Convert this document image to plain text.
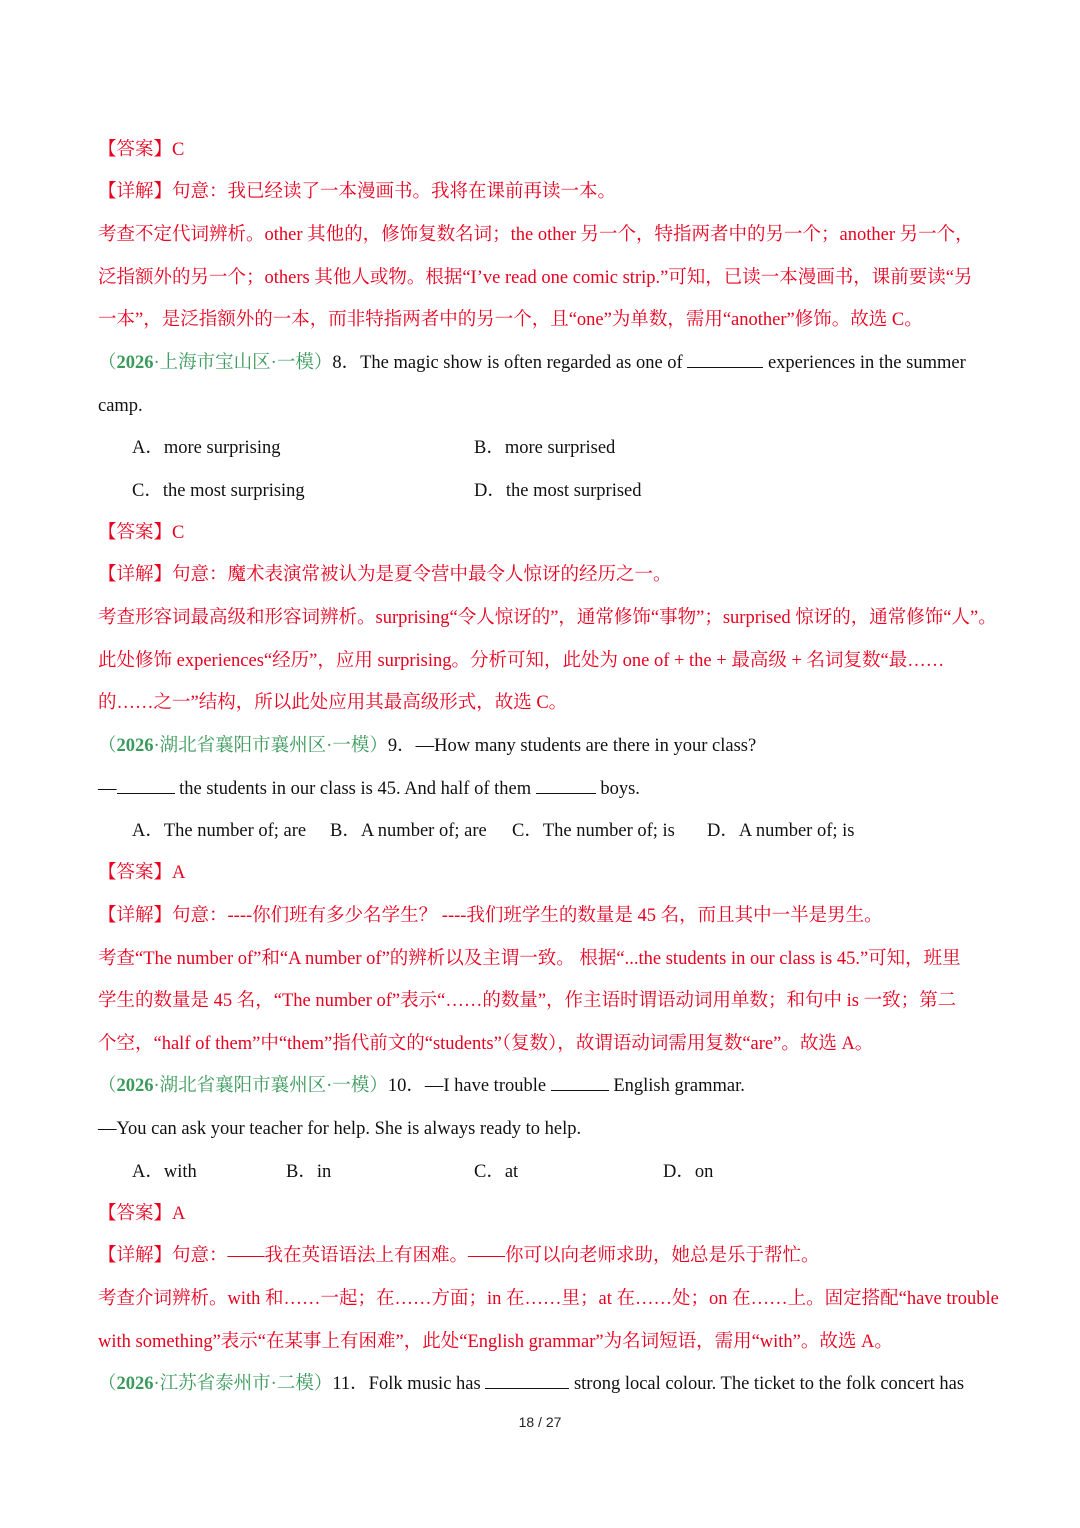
【答案】C
【详解】句意：我已经读了一本漫画书。我将在课前再读一本。
考查不定代词辨析。other 其他的，修饰复数名词；the other 另一个，特指两者中的另一个；another 另一个，
泛指额外的另一个；others 其他人或物。根据“I’ve read one comic strip.”可知，已读一本漫画书，课前要读“另
一本”，是泛指额外的一本，而非特指两者中的另一个，且“one”为单数，需用“another”修饰。故选 C。
（2026·上海市宝山区·一模）8．The magic show is often regarded as one of	experiences in the summer
camp.
A．more surprising	B．more surprised
C．the most surprising	D．the most surprised
【答案】C
【详解】句意：魔术表演常被认为是夏令营中最令人惊讶的经历之一。
考查形容词最高级和形容词辨析。surprising“令人惊讶的”，通常修饰“事物”；surprised 惊讶的，通常修饰“人”。
此处修饰 experiences“经历”，应用 surprising。分析可知，此处为 one of + the + 最高级 + 名词复数“最……
的……之一”结构，所以此处应用其最高级形式，故选 C。
（2026·湖北省襄阳市襄州区·一模）9．—How many students are there in your class?
—	the students in our class is 45. And half of them	boys.
A．The number of; are B．A number of; are C．The number of; is D．A number of; is
【答案】A
【详解】句意：----你们班有多少名学生？ ----我们班学生的数量是 45 名，而且其中一半是男生。
考查“The number of”和“A number of”的辨析以及主谓一致。 根据“...the students in our class is 45.”可知，班里
学生的数量是 45 名，“The number of”表示“……的数量”，作主语时谓语动词用单数；和句中 is 一致；第二
个空，“half of them”中“them”指代前文的“students”（复数），故谓语动词需用复数“are”。故选 A。
（2026·湖北省襄阳市襄州区·一模）10．—I have trouble	English grammar.
—You can ask your teacher for help. She is always ready to help.
A．with	B．in	C．at	D．on
【答案】A
【详解】句意：——我在英语语法上有困难。——你可以向老师求助，她总是乐于帮忙。
考查介词辨析。with 和……一起；在……方面；in 在……里；at 在……处；on 在……上。固定搭配“have trouble
with something”表示“在某事上有困难”，此处“English grammar”为名词短语，需用“with”。故选 A。
（2026·江苏省泰州市·二模）11．Folk music has	strong local colour. The ticket to the folk concert has
18 / 27
